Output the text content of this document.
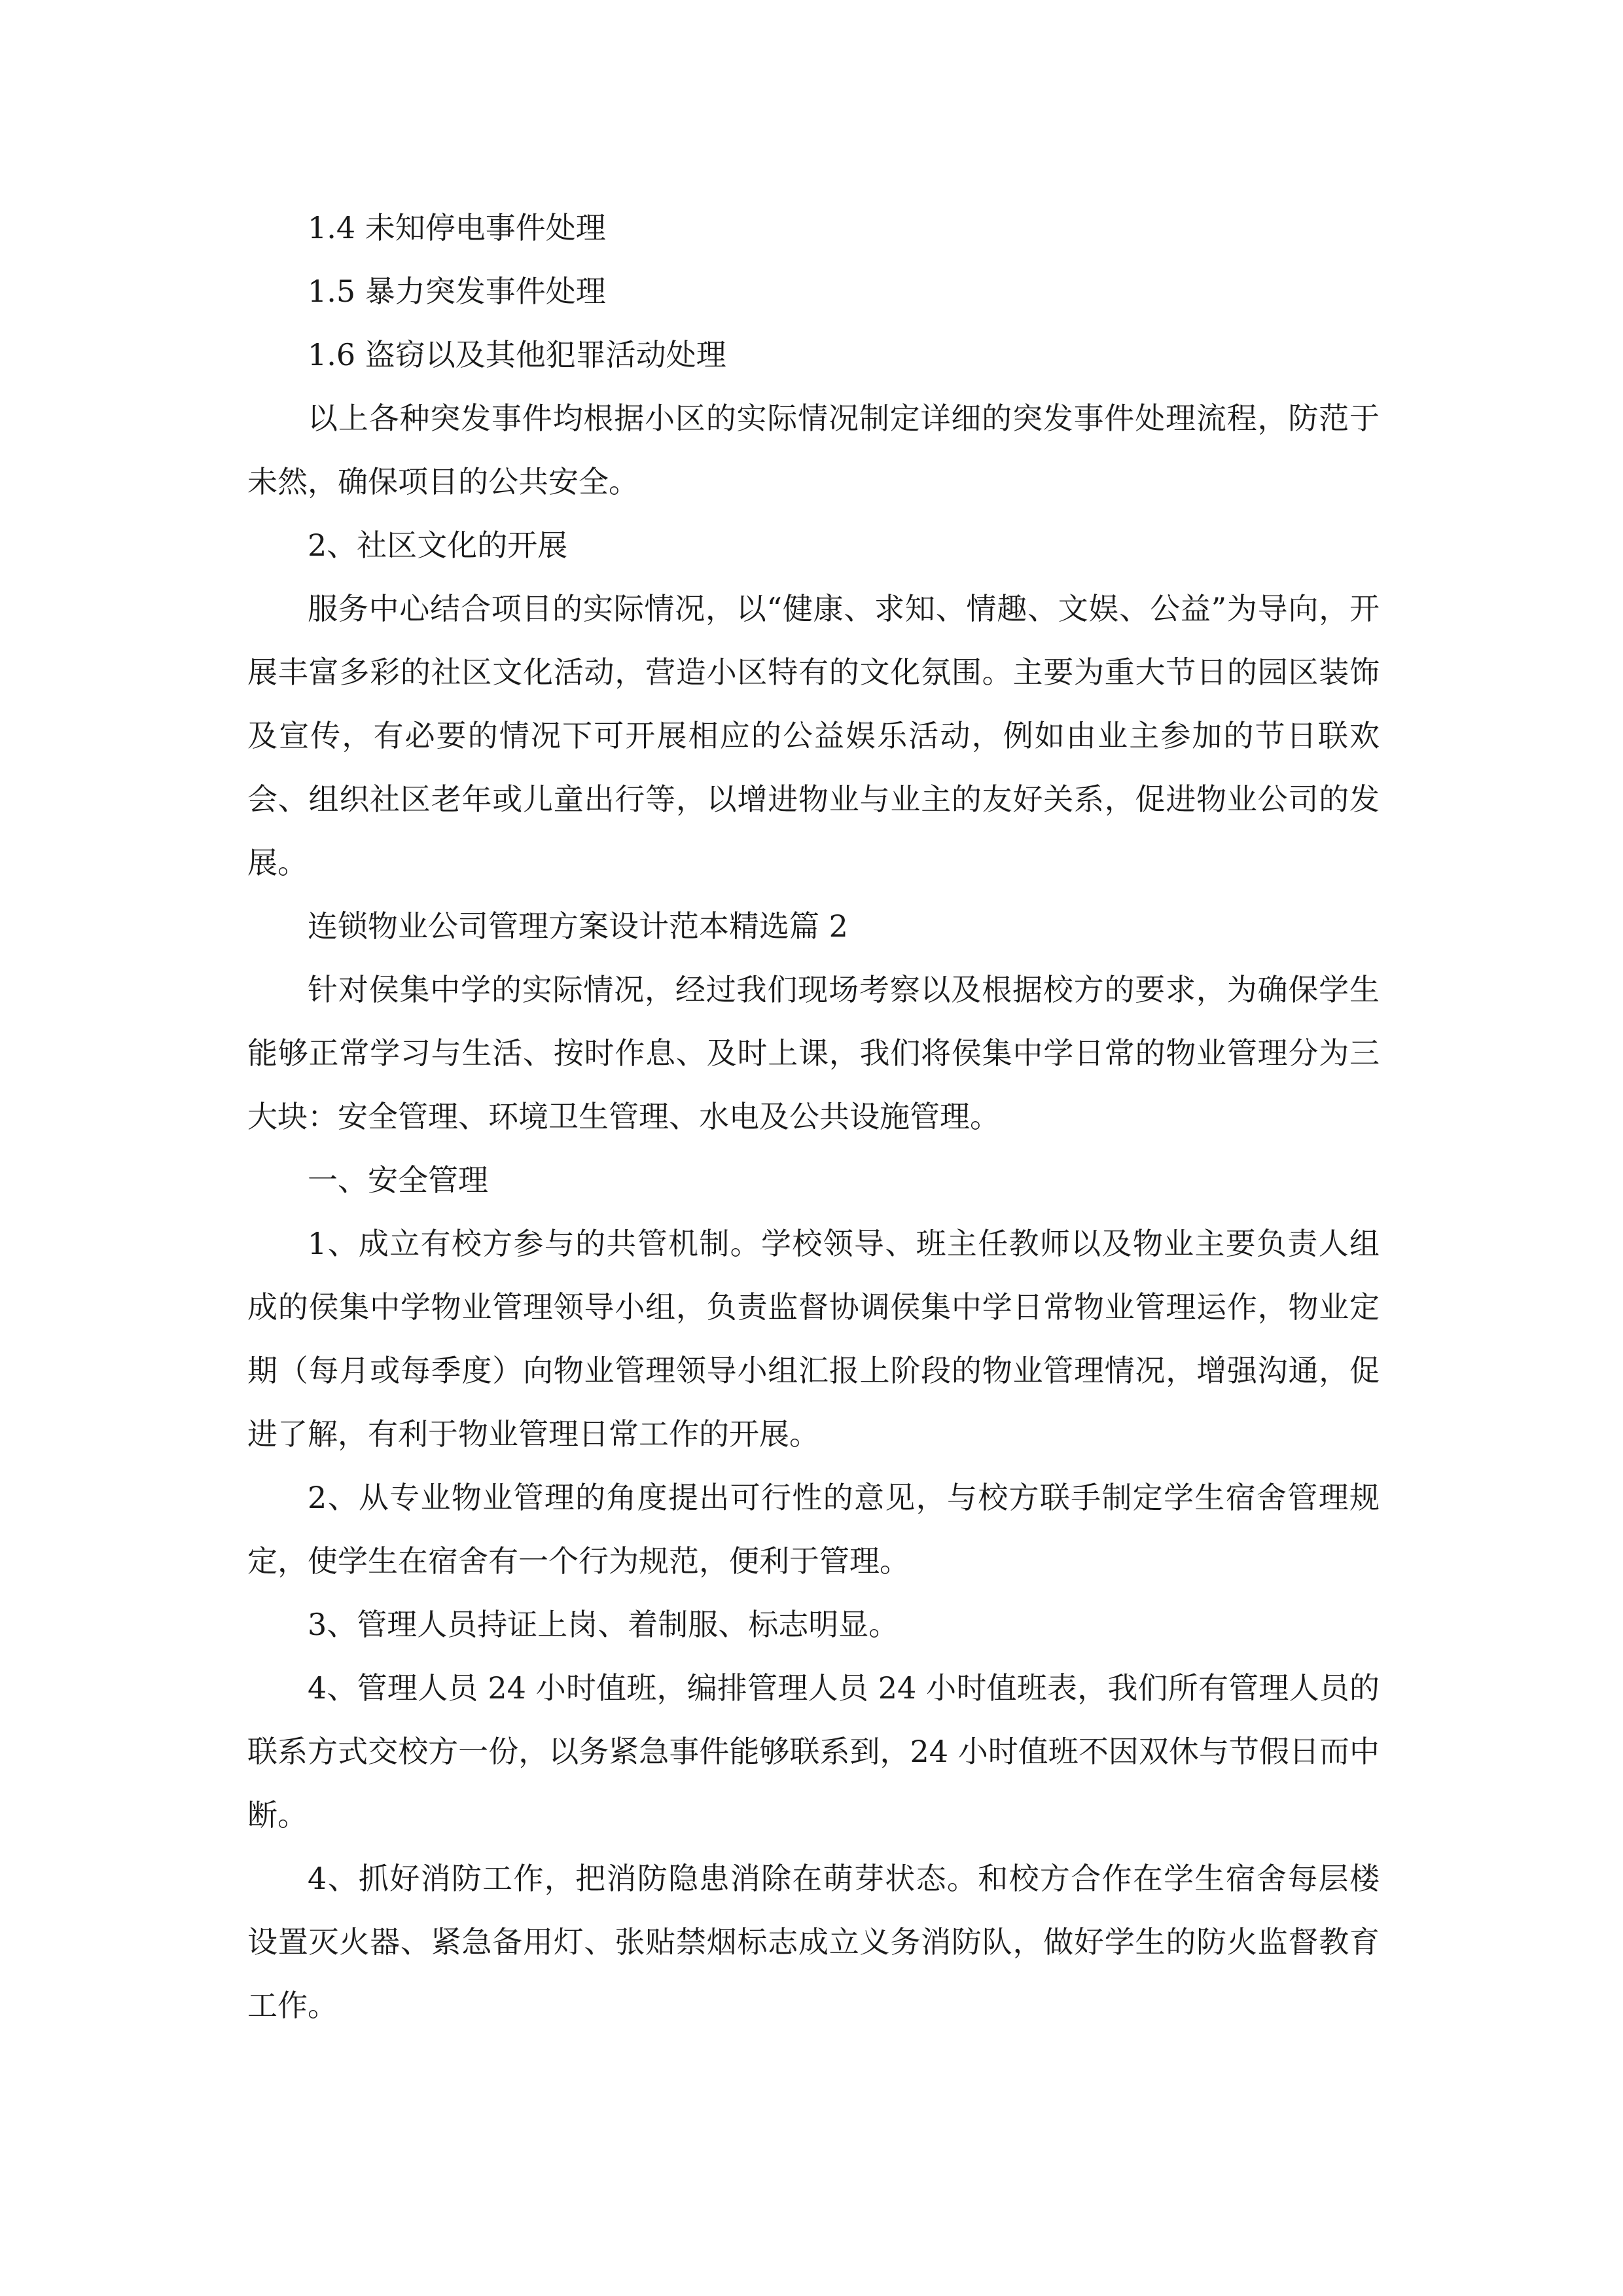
1.4 未知停电事件处理

1.5 暴力突发事件处理

1.6 盗窃以及其他犯罪活动处理

以上各种突发事件均根据小区的实际情况制定详细的突发事件处理流程，防范于未然，确保项目的公共安全。

2、社区文化的开展

服务中心结合项目的实际情况，以“健康、求知、情趣、文娱、公益”为导向，开展丰富多彩的社区文化活动，营造小区特有的文化氛围。主要为重大节日的园区装饰及宣传，有必要的情况下可开展相应的公益娱乐活动，例如由业主参加的节日联欢会、组织社区老年或儿童出行等，以增进物业与业主的友好关系，促进物业公司的发展。

连锁物业公司管理方案设计范本精选篇 2

针对侯集中学的实际情况，经过我们现场考察以及根据校方的要求，为确保学生能够正常学习与生活、按时作息、及时上课，我们将侯集中学日常的物业管理分为三大块：安全管理、环境卫生管理、水电及公共设施管理。

一、安全管理

1、成立有校方参与的共管机制。学校领导、班主任教师以及物业主要负责人组成的侯集中学物业管理领导小组，负责监督协调侯集中学日常物业管理运作，物业定期（每月或每季度）向物业管理领导小组汇报上阶段的物业管理情况，增强沟通，促进了解，有利于物业管理日常工作的开展。

2、从专业物业管理的角度提出可行性的意见，与校方联手制定学生宿舍管理规定，使学生在宿舍有一个行为规范，便利于管理。

3、管理人员持证上岗、着制服、标志明显。

4、管理人员 24 小时值班，编排管理人员 24 小时值班表，我们所有管理人员的联系方式交校方一份，以务紧急事件能够联系到，24 小时值班不因双休与节假日而中断。

4、抓好消防工作，把消防隐患消除在萌芽状态。和校方合作在学生宿舍每层楼设置灭火器、紧急备用灯、张贴禁烟标志成立义务消防队，做好学生的防火监督教育工作。
